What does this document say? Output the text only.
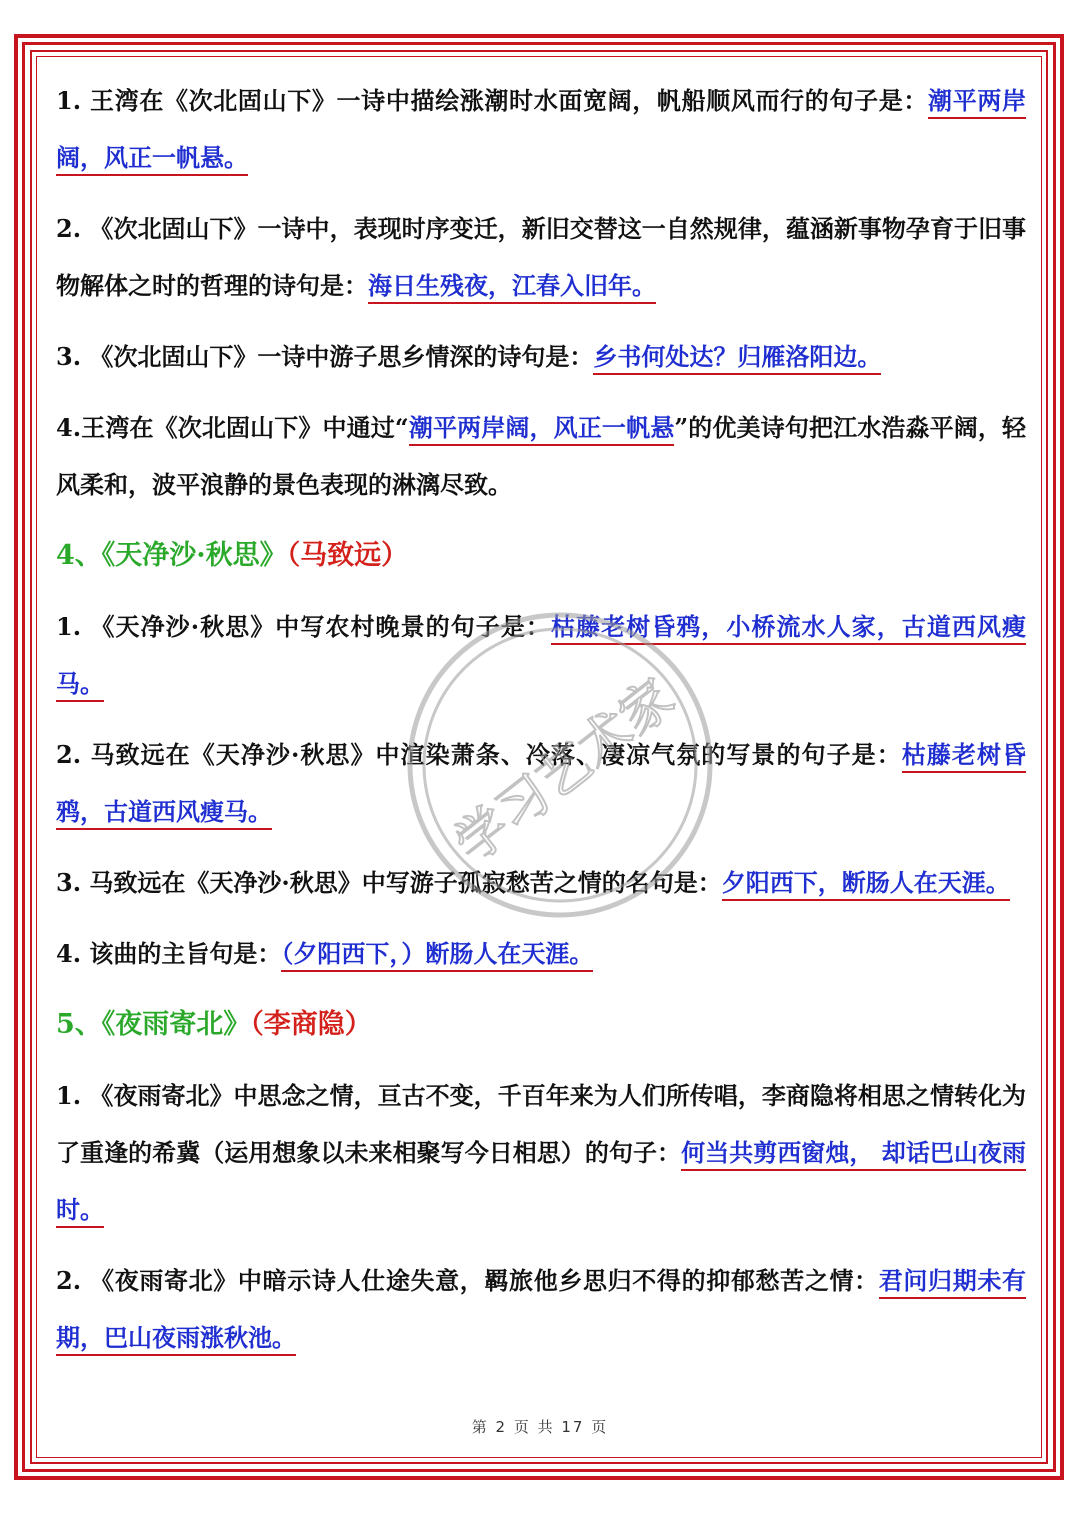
1. 王湾在《次北固山下》一诗中描绘涨潮时水面宽阔，帆船顺风而行的句子是：潮平两岸阔，风正一帆悬。

2. 《次北固山下》一诗中，表现时序变迁，新旧交替这一自然规律，蕴涵新事物孕育于旧事物解体之时的哲理的诗句是：海日生残夜，江春入旧年。

3. 《次北固山下》一诗中游子思乡情深的诗句是：乡书何处达？归雁洛阳边。

4.王湾在《次北固山下》中通过“潮平两岸阔，风正一帆悬”的优美诗句把江水浩淼平阔，轻风柔和，波平浪静的景色表现的淋漓尽致。

4、《天净沙·秋思》（马致远）

1. 《天净沙·秋思》中写农村晚景的句子是：枯藤老树昏鸦，小桥流水人家，古道西风瘦马。

2. 马致远在《天净沙·秋思》中渲染萧条、冷落、凄凉气氛的写景的句子是：枯藤老树昏鸦，古道西风瘦马。

3. 马致远在《天净沙·秋思》中写游子孤寂愁苦之情的名句是：夕阳西下，断肠人在天涯。

4. 该曲的主旨句是：（夕阳西下，）断肠人在天涯。

5、《夜雨寄北》（李商隐）

1. 《夜雨寄北》中思念之情，亘古不变，千百年来为人们所传唱，李商隐将相思之情转化为了重逢的希冀（运用想象以未来相聚写今日相思）的句子：何当共剪西窗烛， 却话巴山夜雨时。

2. 《夜雨寄北》中暗示诗人仕途失意，羁旅他乡思归不得的抑郁愁苦之情：君问归期未有期，巴山夜雨涨秋池。

学习艺术家
第 2 页 共 17 页
